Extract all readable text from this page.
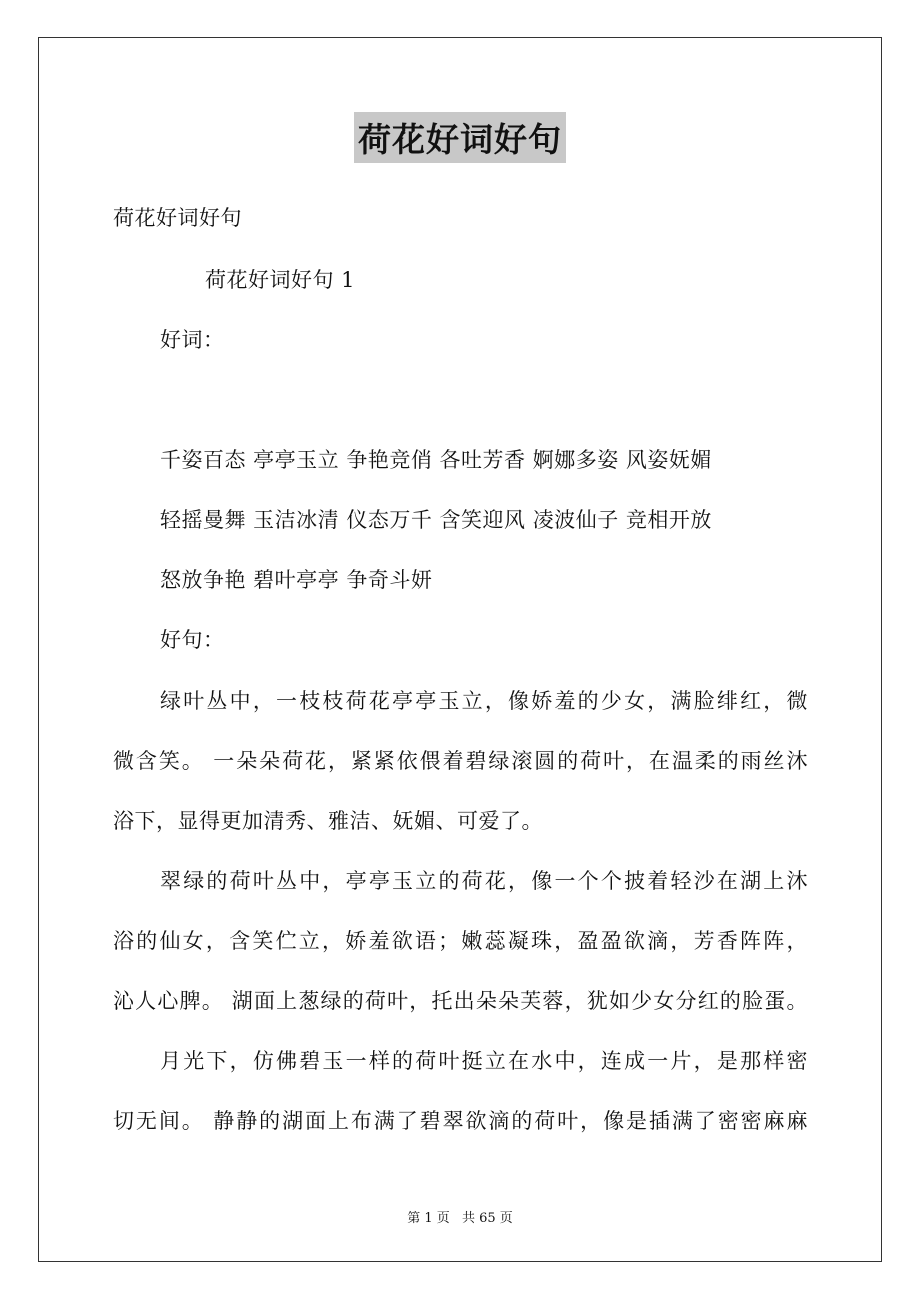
荷花好词好句
荷花好词好句
荷花好词好句 1
好词：
千姿百态 亭亭玉立 争艳竞俏 各吐芳香 婀娜多姿 风姿妩媚
轻摇曼舞 玉洁冰清 仪态万千 含笑迎风 凌波仙子 竞相开放
怒放争艳 碧叶亭亭 争奇斗妍
好句：
绿叶丛中，一枝枝荷花亭亭玉立，像娇羞的少女，满脸绯红，微
微含笑。 一朵朵荷花，紧紧依偎着碧绿滚圆的荷叶，在温柔的雨丝沐
浴下，显得更加清秀、雅洁、妩媚、可爱了。
翠绿的荷叶丛中，亭亭玉立的荷花，像一个个披着轻沙在湖上沐
浴的仙女，含笑伫立，娇羞欲语；嫩蕊凝珠，盈盈欲滴，芳香阵阵，
沁人心脾。 湖面上葱绿的荷叶，托出朵朵芙蓉，犹如少女分红的脸蛋。
月光下，仿佛碧玉一样的荷叶挺立在水中，连成一片，是那样密
切无间。 静静的湖面上布满了碧翠欲滴的荷叶，像是插满了密密麻麻
第 1 页 共 65 页
